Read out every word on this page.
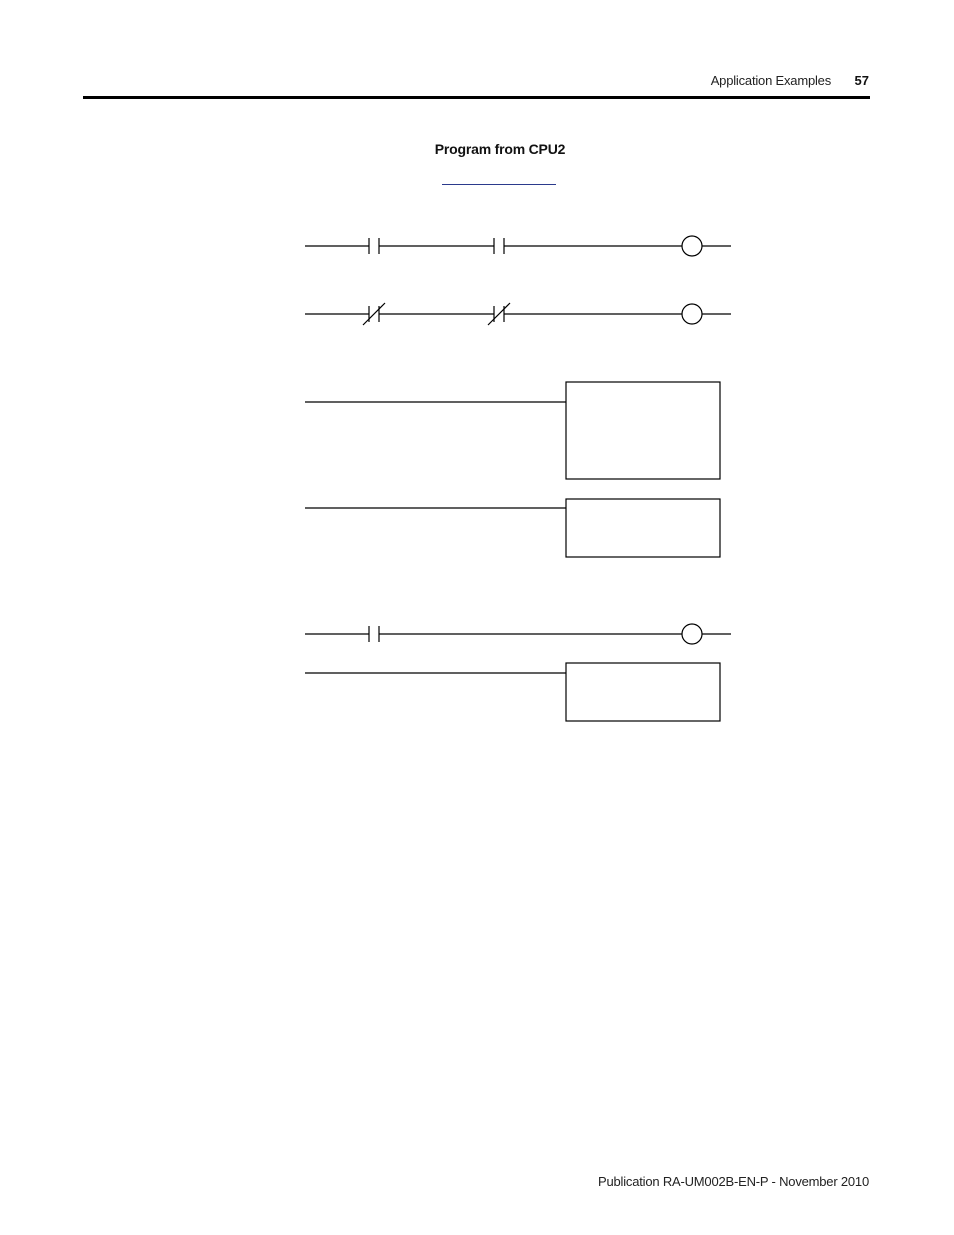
Application Examples 57
Program from CPU2
Publication RA-UM002B-EN-P - November 2010
